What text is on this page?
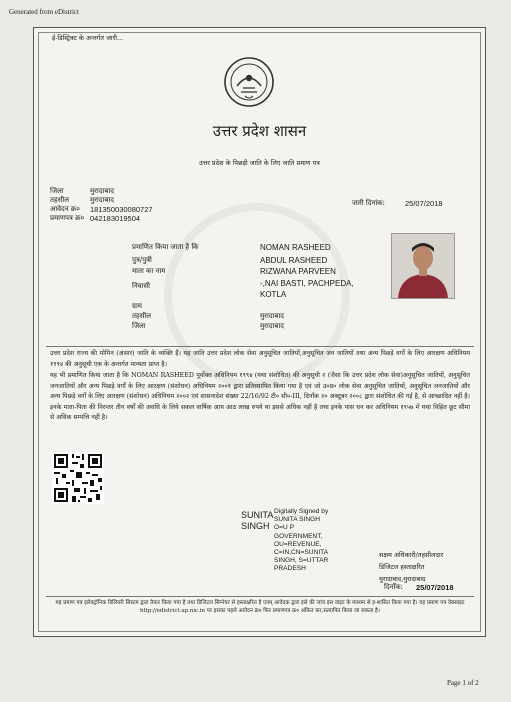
Generated from eDistrict
ई-डिस्ट्रिक्ट के अन्तर्गत जारी...
उत्तर प्रदेश शासन
उत्तर प्रदेश के पिछड़ी जाति के लिए जाति प्रमाण पत्र
जिला	मुरादाबाद
तहसील	मुरादाबाद
आवेदन क्र० 181350030080727
प्रमाणपत्र क्र० 042183019504
जारी दिनांक:	25/07/2018
प्रमाणित किया जाता है कि	NOMAN RASHEED
पुत्र/पुत्री	ABDUL RASHEED
माता का नाम	RIZWANA PARVEEN
निवासी	-,NAI BASTI, PACHPEDA,
KOTLA
ग्राम
तहसील	मुरादाबाद
जिला	मुरादाबाद
उत्तर प्रदेश राज्य की मोमिन (अंसार) जाति के व्यक्ति हैं। यह जाति उत्तर प्रदेश लोक सेवा अनुसूचित जातियों,अनुसूचित जन जातियों तथा अन्य पिछड़े वर्गों के लिए आरक्षण अधिनियम १९९४ की अनुसूची एक के अन्तर्गत मान्यता प्राप्त है।
यह भी प्रमाणित किया जाता है कि NOMAN RASHEED पूर्वोक्त अधिनियम १९९४ (यथा संशोधित) की अनुसूची २ (जैसा कि उत्तर प्रदेश लोक सेवा)अनुसूचित जातियों, अनुसूचित जनजातियों और अन्य पिछड़े वर्गों के लिए आरक्षण (संशोधन) अधिनियम २००१ द्वारा प्रतिस्थापित किया गया है एवं जो उ०प्र० लोक सेवा अनुसूचित जातियों, अनुसूचित जनजातियों और अन्य पिछड़े वर्गों के लिए आरक्षण (संशोधन) अधिनियम २००२ एवं शासनादेश संख्या 22/16/92 टी० सी०-III, दिनाँक २० अक्टूबर २००८ द्वारा संशोधित की गई है, से आच्छादित नहीं है।इनके माता-पिता की निरन्तर तीन वर्षों की अवधि के लिये सकल वार्षिक आय आठ लाख रुपये या इससे अधिक नहीं है तथा इनके पास धन कर अधिनियम १९५७ में यथा विहित छूट सीमा से अधिक सम्पत्ति नहीं है।
SUNITA
SINGH
Digitally Signed by
SUNITA SINGH
O=U P
GOVERNMENT,
OU=REVENUE,
C=IN,CN=SUNITA
SINGH, S=UTTAR
PRADESH
सक्षम अधिकारी/तहसीलदार
डिजिटल हस्ताक्षरित
मुरादाबाद,मुरादाबाद
दिनाँक: 25/07/2018
यह प्रमाण पत्र इलेक्ट्रॉनिक डिलिवरी सिस्टम द्वारा तैयार किया गया है तथा डिजिटल सिग्नेचर से हस्ताक्षरित है एवम् आवेदक द्वारा इसे की जांच इस वाइट के माध्यम से इ-शासित किया गया है। यह प्रमाण पत्र वेबसाइट http://edistrict.up.nic.in पर इसका पहले आवेदन क्र० फिर प्रमाणपत्र क्र० अंकित कर,सत्यापित किया जा सकता है।
Page 1 of 2
